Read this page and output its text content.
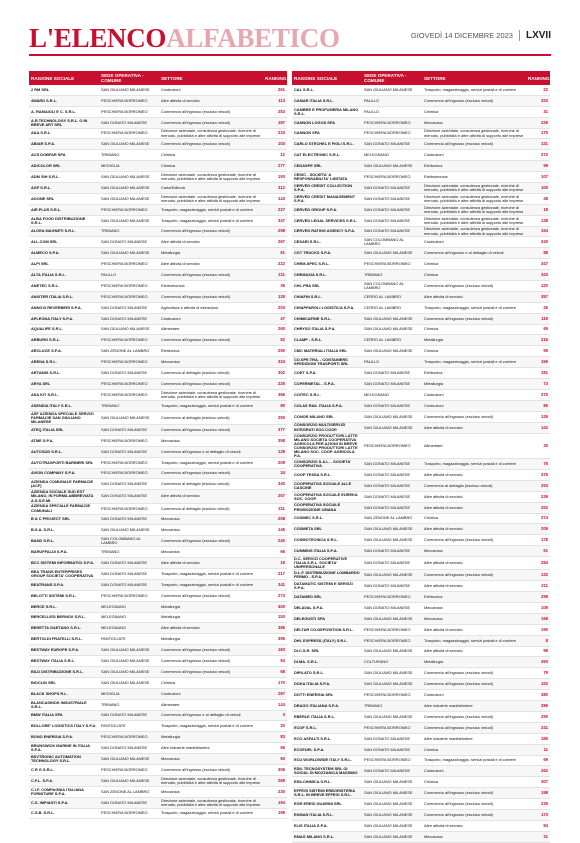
L'ELENCOALFABETICO	GIOVEDÌ 14 DICEMBRE 2023 LXVII
RAGIONE SOCIALE	SEDE OPERATIVA - COMUNE	SETTORE	RANKING
2 RM SRL	SAN GIULIANO MILANESE	Costruzioni	261
4WARD S.R.L.	PESCHIERA BORROMEO	Altre attività di servizio	113
A. RAMAIOLI E C. S.R.L.	PESCHIERA BORROMEO	Commercio all'ingrosso (escluso veicoli)	253
A.R.TECHNOLOGY S.R.L. O IN BREVE ART SRL	SAN DONATO MILANESE	Commercio all'ingrosso (escluso veicoli)	187
A&A S.R.L.	PESCHIERA BORROMEO	Direzione aziendale, consulenza gestionale, ricerche di mercato, pubblicità e altre attività di supporto alle imprese	233
ABIAR S.P.A.	SAN GIULIANO MILANESE	Commercio all'ingrosso (escluso veicoli)	103
ACS DOBFAR SPA	TRIBIANO	Chimica	12
ADICOLOR SRL	MEDIGLIA	Chimica	277
ADM SIH S.R.L.	SAN GIULIANO MILANESE	Direzione aziendale, consulenza gestionale, ricerche di mercato, pubblicità e altre attività di supporto alle imprese	193
AGF S.R.L.	SAN GIULIANO MILANESE	Carta/Editoria	312
AGONE SRL	SAN GIULIANO MILANESE	Direzione aziendale, consulenza gestionale, ricerche di mercato, pubblicità e altre attività di supporto alle imprese	143
AIR PLUS S.R.L.	PESCHIERA BORROMEO	Trasporto, magazzinaggio, servizi postali e di corriere	227
ALBA FOOD DISTRIBUZIONE S.R.L.	SAN GIULIANO MILANESE	Trasporto, magazzinaggio, servizi postali e di corriere	347
ALGEA MAGNETI S.R.L.	TRIBIANO	Commercio all'ingrosso (escluso veicoli)	298
ALL.COM SRL	SAN DONATO MILANESE	Altre attività di servizio	267
ALMECO S.P.A.	SAN GIULIANO MILANESE	Metallurgia	61
ALPI SRL	PESCHIERA BORROMEO	Altre attività di servizio	222
ALTA ITALIA S.R.L.	PAULLO	Commercio all'ingrosso (escluso veicoli)	211
ANETEC S.R.L.	PESCHIERA BORROMEO	Elettrotecnica	35
ANIXTER ITALIA S.R.L.	PESCHIERA BORROMEO	Commercio all'ingrosso (escluso veicoli)	129
ANNOVI REVERBERI S.P.A.	SAN DONATO MILANESE	Agricoltura e attività di estrazione	203
APLEONA ITALY S.P.A.	SAN DONATO MILANESE	Costruzioni	47
AQUALIFE S.R.L.	SAN GIULIANO MILANESE	Alimentare	260
ARBURG S.R.L.	PESCHIERA BORROMEO	Commercio all'ingrosso (escluso veicoli)	52
ARCLUCE S.P.A.	SAN ZENONE AL LAMBRO	Elettronica	250
ARENA S.R.L.	PESCHIERA BORROMEO	Meccanica	324
ARTAMIS S.R.L.	SAN DONATO MILANESE	Commercio al dettaglio (escluso veicoli)	302
ARYA SRL	PESCHIERA BORROMEO	Commercio all'ingrosso (escluso veicoli)	225
ASA KIT S.R.L.	PESCHIERA BORROMEO	Direzione aziendale, consulenza gestionale, ricerche di mercato, pubblicità e altre attività di supporto alle imprese	366
ASENDIA ITALY S.R.L.	TRIBIANO	Trasporto, magazzinaggio, servizi postali e di corriere	80
ASF AZIENDA SPECIALE SERVIZI FARMACIE SAN GIULIANO MILANESE	SAN GIULIANO MILANESE	Commercio al dettaglio (escluso veicoli)	250
ATEQ ITALIA SRL	SAN DONATO MILANESE	Commercio all'ingrosso (escluso veicoli)	377
ATME S.P.A.	PESCHIERA BORROMEO	Meccanica	358
AUTOSUD S.R.L.	SAN DONATO MILANESE	Commercio all'ingrosso e al dettaglio di veicoli	128
AUTOTRASPORTI BARBIERI SRL	PESCHIERA BORROMEO	Trasporto, magazzinaggio, servizi postali e di corriere	209
AVION COMPANY S.P.A.	PESCHIERA BORROMEO	Commercio all'ingrosso (escluso veicoli)	34
AZIENDA COMUNALE FARMACIE (ACF)	SAN DONATO MILANESE	Commercio al dettaglio (escluso veicoli)	340
AZIENDA SOCIALE SUD EST MILANO, IN FORMA ABBREVIATA A.S.S.E.MI.	SAN DONATO MILANESE	Altre attività di servizio	257
AZIENDA SPECIALE FARMACIE COMUNALI	PESCHIERA BORROMEO	Commercio al dettaglio (escluso veicoli)	311
B & C PROJECT SRL	SAN DONATO MILANESE	Meccanica	208
B.S.A. S.R.L.	SAN GIULIANO MILANESE	Meccanica	145
BAND S.R.L.	SAN COLOMBANO AL LAMBRO	Commercio all'ingrosso (escluso veicoli)	240
BARUFFALDI S.P.A.	TRIBIANO	Meccanica	66
BCC SISTEMI INFORMATICI S.P.A.	SAN DONATO MILANESE	Altre attività di servizio	19
BEA TRANS ENTERPRISES GROUP SOCIETA' COOPERATIVA	SAN DONATO MILANESE	Trasporto, magazzinaggio, servizi postali e di corriere	217
BEATRANS S.P.A.	SAN DONATO MILANESE	Trasporto, magazzinaggio, servizi postali e di corriere	341
BELOTTI SISTEMI S.R.L.	PESCHIERA BORROMEO	Commercio all'ingrosso (escluso veicoli)	273
BERCE S.R.L.	MELEGNANO	Metallurgia	400
BERCELLESI BERNOX S.R.L.	MELEGNANO	Metallurgia	153
BERETTA GAETANO S.R.L.	MELEGNANO	Altre attività di servizio	385
BERTOLDI FRATELLI S.R.L.	PANTIGLIATE	Metallurgia	395
BESTWAY EUROPE S.P.A.	SAN GIULIANO MILANESE	Commercio all'ingrosso (escluso veicoli)	183
BESTWAY ITALIA S.R.L.	SAN GIULIANO MILANESE	Commercio all'ingrosso (escluso veicoli)	94
BILD DISTRIBUZIONE S.R.L.	SAN GIULIANO MILANESE	Commercio all'ingrosso (escluso veicoli)	68
BIOCLIN SRL	SAN GIULIANO MILANESE	Chimica	170
BLACK SHOPS R.L.	MEDIGLIA	Costruzioni	287
BLANCASINOS INDUSTRIALE S.R.L.	TRIBIANO	Alimentare	144
BMW ITALIA SPA	SAN DONATO MILANESE	Commercio all'ingrosso e al dettaglio di veicoli	3
BOLLORE' LOGISTICS ITALY S.P.A.	PANTIGLIATE	Trasporto, magazzinaggio, servizi postali e di corriere	20
BONO ENERGIA S.P.A.	PESCHIERA BORROMEO	Metallurgia	83
BRUNSWICK MARINE IN ITALIA S.P.A.	SAN DONATO MILANESE	Altre industrie manifatturiere	65
BSVTRONIC AUTOMATION TECHNOLOGY S.R.L.	SAN GIULIANO MILANESE	Meccanica	60
C R G S.R.L.	PESCHIERA BORROMEO	Commercio all'ingrosso (escluso veicoli)	306
C.F.L. S.P.A.	SAN GIULIANO MILANESE	Direzione aziendale, consulenza gestionale, ricerche di mercato, pubblicità e altre attività di supporto alle imprese	269
C.I.F. COMPAGNIA ITALIANA FORNITURE S.P.A.	SAN ZENONE AL LAMBRO	Meccanica	230
C.S. IMPIANTI S.P.A.	SAN DONATO MILANESE	Direzione aziendale, consulenza gestionale, ricerche di mercato, pubblicità e altre attività di supporto alle imprese	194
C.S.B. S.R.L.	PESCHIERA BORROMEO	Trasporto, magazzinaggio, servizi postali e di corriere	199
RAGIONE SOCIALE	SEDE OPERATIVA - COMUNE	SETTORE	RANKING
CAL S.R.L.	SAN GIULIANO MILANESE	Trasporto, magazzinaggio, servizi postali e di corriere	22
CAMAR ITALIA S.R.L.	PAULLO	Commercio all'ingrosso (escluso veicoli)	333
CAMBRE E PROFUMERIA MILANO S.R.L.	PAULLO	Chimica	31
CANNON LOGOS SPA	PESCHIERA BORROMEO	Meccanica	229
CANNON SPA	PESCHIERA BORROMEO	Direzione aziendale, consulenza gestionale, ricerche di mercato, pubblicità e altre attività di supporto alle imprese	175
CARLO STECHEL E FIGLI S.R.L.	SAN DONATO MILANESE	Commercio all'ingrosso (escluso veicoli)	121
CAT ELECTRONIC S.R.L.	MELEGNANO	Costruzioni	272
CEDASPE SRL	SAN GIULIANO MILANESE	Elettronica	99
CEDIC - SOCIETA' A RESPONSABILITA' LIMITATA	PESCHIERA BORROMEO	Elettrotecnica	107
CERVED CREDIT COLLECTION S.P.A.	SAN DONATO MILANESE	Direzione aziendale, consulenza gestionale, ricerche di mercato, pubblicità e altre attività di supporto alle imprese	100
CERVED CREDIT MANAGEMENT S.P.A.	SAN DONATO MILANESE	Direzione aziendale, consulenza gestionale, ricerche di mercato, pubblicità e altre attività di supporto alle imprese	49
CERVED GROUP S.P.A.	SAN DONATO MILANESE	Direzione aziendale, consulenza gestionale, ricerche di mercato, pubblicità e altre attività di supporto alle imprese	18
CERVED LEGAL SERVICES S.R.L.	SAN DONATO MILANESE	Direzione aziendale, consulenza gestionale, ricerche di mercato, pubblicità e altre attività di supporto alle imprese	138
CERVED RATING AGENCY S.P.A.	SAN DONATO MILANESE	Direzione aziendale, consulenza gestionale, ricerche di mercato, pubblicità e altre attività di supporto alle imprese	154
CESARI S.R.L.	SAN COLOMBANO AL LAMBRO	Costruzioni	240
CGT TRUCKS S.P.A.	SAN GIULIANO MILANESE	Commercio all'ingrosso e al dettaglio di veicoli	88
CHEM-SPEC S.R.L.	PESCHIERA BORROMEO	Chimica	347
CHEMAXIA S.R.L.	TRIBIANO	Chimica	343
CHL.FRA SRL	SAN COLOMBANO AL LAMBRO	Commercio all'ingrosso (escluso veicoli)	120
CHIAFIN S.R.L.	CERRO AL LAMBRO	Altre attività di servizio	357
CHIAPPAROLI LOGISTICA S.P.A.	CERRO AL LAMBRO	Trasporto, magazzinaggio, servizi postali e di corriere	26
CHIMICAFINE S.R.L.	SAN GIULIANO MILANESE	Commercio all'ingrosso (escluso veicoli)	119
CHRYSO ITALIA S.P.A.	SAN GIULIANO MILANESE	Chimica	65
CLAMP - S.R.L.	CERRO AL LAMBRO	Metallurgia	216
CMC MATERIALI ITALIA SRL	SAN GIULIANO MILANESE	Chimica	95
CO.SPE.TRA. - CONTAINERS SPEDIZIONI TRASPORTI SRL	PAULLO	Trasporto, magazzinaggio, servizi postali e di corriere	156
COET S.P.A.	SAN DONATO MILANESE	Elettronica	181
COFERMETAL - S.P.A.	SAN DONATO MILANESE	Metallurgia	73
COITEC S.R.L.	MELEGNANO	Costruzioni	270
COLAS RAIL ITALIA S.P.A.	SAN DONATO MILANESE	Costruzioni	86
CONOR MILANO SRL	SAN GIULIANO MILANESE	Commercio all'ingrosso (escluso veicoli)	135
CONSORZIO MULTISERVIZI INTEGRATI SOC.COOP.	SAN GIULIANO MILANESE	Altre attività di servizio	142
CONSORZIO PRODUTTORI LATTE MILANO SOCIETA COOPERATIVA AGRICOLA PER AZIONI IN BREVE CONSORZIO PRODUTTORI LATTE MILANO SOC. COOP. AGRICOLA P.A.	PESCHIERA BORROMEO	Alimentare	30
CONSORZIO S.A.L. - SOCIETA' COOPERATIVA	SAN DONATO MILANESE	Trasporto, magazzinaggio, servizi postali e di corriere	75
COOP TESSA S.R.L.	SAN DONATO MILANESE	Altre attività di servizio	375
COOPERATIVA SOCIALE ALLE CASCINE	SAN DONATO MILANESE	Commercio al dettaglio (escluso veicoli)	253
COOPERATIVA SOCIALE EUREKA SOC. COOP.	SAN DONATO MILANESE	Altre attività di servizio	239
COOPERATIVA SOCIALE PROMOZIONE UMANA	SAN DONATO MILANESE	Altre attività di servizio	252
COSMEC S.R.L.	SAN ZENONE AL LAMBRO	Chimica	274
COSMETA SRL	SAN GIULIANO MILANESE	Altre attività di servizio	206
COSMOTECNICA S.R.L.	SAN GIULIANO MILANESE	Commercio all'ingrosso (escluso veicoli)	178
CUMMINS ITALIA S.P.A.	SAN DONATO MILANESE	Meccanica	51
D.C. SERVIZI COOPERATIVE ITALIA S.R.L. SOCIETA' UNIPERSONALE	SAN DONATO MILANESE	Altre attività di servizio	284
D.L.F. DISTRIBUZIONE LOMBARDO FERMO - S.P.A.	SAN GIULIANO MILANESE	Commercio all'ingrosso (escluso veicoli)	132
DATAMATIC SISTEMI E SERVIZI S.P.A.	SAN DONATO MILANESE	Altre attività di servizio	211
DATAMED SRL	PESCHIERA BORROMEO	Elettronica	299
DELAVAL S.P.A.	SAN DONATO MILANESE	Meccanica	109
DELEGUSTI SPA	SAN GIULIANO MILANESE	Meccanica	168
DELTAR CO-DEPOSITION S.R.L.	PESCHIERA BORROMEO	Altre attività di servizio	190
DHL EXPRESS (ITALY) S.R.L.	PESCHIERA BORROMEO	Trasporto, magazzinaggio, servizi postali e di corriere	8
DI.C.S.R. SRL	SAN GIULIANO MILANESE	Altre attività di servizio	98
DI.MA. S.R.L.	COLTURANO	Metallurgia	393
DIPILATO S.R.L.	SAN GIULIANO MILANESE	Commercio all'ingrosso (escluso veicoli)	79
DOKA ITALIA S.P.A.	SAN GIULIANO MILANESE	Commercio all'ingrosso (escluso veicoli)	152
DOTTI ENERGIA SRL	PESCHIERA BORROMEO	Costruzioni	380
DRAGO ITALIANA S.P.A.	TRIBIANO	Altre industrie manifatturiere	286
EBERLE ITALIA S.R.L.	SAN GIULIANO MILANESE	Commercio all'ingrosso (escluso veicoli)	290
ECOF S.R.L.	PESCHIERA BORROMEO	Commercio all'ingrosso (escluso veicoli)	241
ECO ASFALTI S.R.L.	SAN DONATO MILANESE	Altre industrie manifatturiere	185
ECOFUEL S.P.A.	SAN DONATO MILANESE	Chimica	11
ECU WORLDWIDE ITALY S.R.L.	PESCHIERA BORROMEO	Trasporto, magazzinaggio, servizi postali e di corriere	69
EDIL TECNOSYSTEM SRL OI SOCIAL DI MOZZANICA MASSIMO	SAN DONATO MILANESE	Costruzioni	262
EDILCHIMICA S.R.L.	SAN GIULIANO MILANESE	Chimica	307
EFFEGI SISTEMI ERBORISTERIA S.R.L. IN BREVE EFFEGI S.R.L.	SAN GIULIANO MILANESE	Commercio all'ingrosso (escluso veicoli)	198
EGR EREDI GUARINI SRL	SAN GIULIANO MILANESE	Commercio all'ingrosso (escluso veicoli)	235
EKMAN ITALIA S.R.L.	SAN GIULIANO MILANESE	Commercio all'ingrosso (escluso veicoli)	173
ELIS ITALIA S.P.A.	SAN GIULIANO MILANESE	Altre attività di servizio	84
EMAG MILANO S.R.L.	SAN GIULIANO MILANESE	Meccanica	31
